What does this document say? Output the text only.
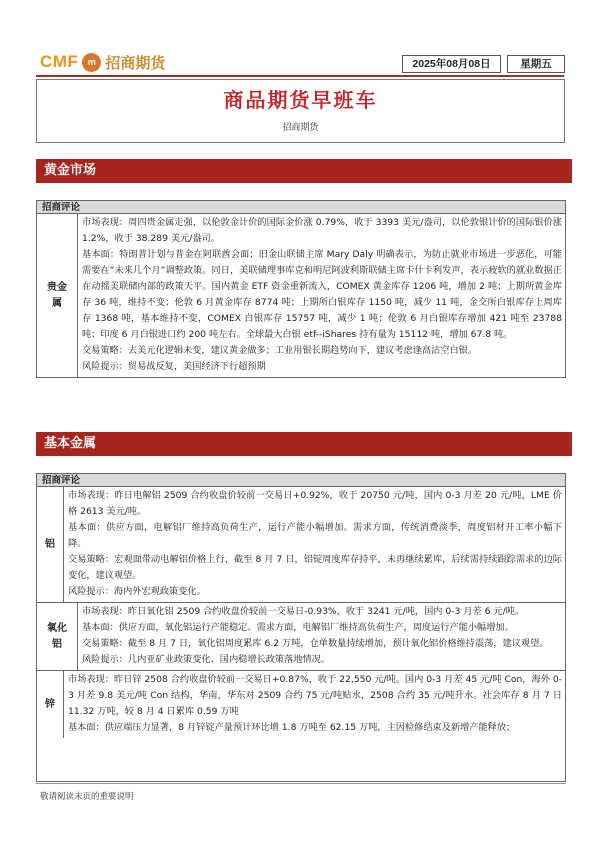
CMF	m 招商期货	2025年08月08日	星期五
商品期货早班车
招商期货
黄金市场
招商评论
贵金属

市场表现：周四贵金属走强，以伦敦金计价的国际金价涨 0.79%，收于 3393 美元/盎司，以伦敦银计价的国际银价涨 1.2%，收于 38.289 美元/盎司。

基本面：特朗普计划与普金在阿联酋会面；旧金山联储主席 Mary Daly 明确表示，为防止就业市场进一步恶化，可能需要在“未来几个月”调整政策。同日，美联储理事库克和明尼阿波利斯联储主席卡什卡利发声，表示疲软的就业数据正在动摇美联储内部的政策天平。国内黄金 ETF 资金重新流入，COMEX 黄金库存 1206 吨，增加 2 吨；上期所黄金库存 36 吨，维持不变；伦敦 6 月黄金库存 8774 吨；上期所白银库存 1150 吨，减少 11 吨，金交所白银库存上周库存 1368 吨，基本维持不变，COMEX 白银库存 15757 吨，减少 1 吨；伦敦 6 月白银库存增加 421 吨至 23788 吨；印度 6 月白银进口约 200 吨左右。全球最大白银 etf--iShares 持有量为 15112 吨，增加 67.8 吨。

交易策略：去美元化逻辑未变，建议黄金做多；工业用银长期趋势向下，建议考虑逢高沽空白银。

风险提示：贸易战反复，美国经济下行超预期

基本金属
招商评论
铝

市场表现：昨日电解铝 2509 合约收盘价较前一交易日+0.92%，收于 20750 元/吨，国内 0-3 月差 20 元/吨，LME 价格 2613 美元/吨。

基本面：供应方面，电解铝厂维持高负荷生产，运行产能小幅增加。需求方面，传统消费淡季，周度铝材开工率小幅下降。

交易策略：宏观面带动电解铝价格上行，截至 8 月 7 日，铝锭周度库存持平，未再继续累库，后续需持续跟踪需求的边际变化，建议观望。

风险提示：海内外宏观政策变化。

氧化铝

市场表现：昨日氧化铝 2509 合约收盘价较前一交易日-0.93%，收于 3241 元/吨，国内 0-3 月差 6 元/吨。

基本面：供应方面，氧化铝运行产能稳定。需求方面，电解铝厂维持高负荷生产，周度运行产能小幅增加。

交易策略：截至 8 月 7 日，氧化铝周度累库 6.2 万吨，仓单数量持续增加，预计氧化铝价格维持震荡，建议观望。

风险提示：几内亚矿业政策变化、国内稳增长政策落地情况。

锌

市场表现：昨日锌 2508 合约收盘价较前一交易日+0.87%，收于 22,550 元/吨。国内 0-3 月差 45 元/吨 Con，海外 0-3 月差 9.8 美元/吨 Con 结构，华南，华东对 2509 合约 75 元/吨贴水，2508 合约 35 元/吨升水。社会库存 8 月 7 日 11.32 万吨，较 8 月 4 日累库 0.59 万吨

基本面：供应端压力显著，8 月锌锭产量预计环比增 1.8 万吨至 62.15 万吨，主因检修结束及新增产能释放；

敬请阅读末页的重要说明
